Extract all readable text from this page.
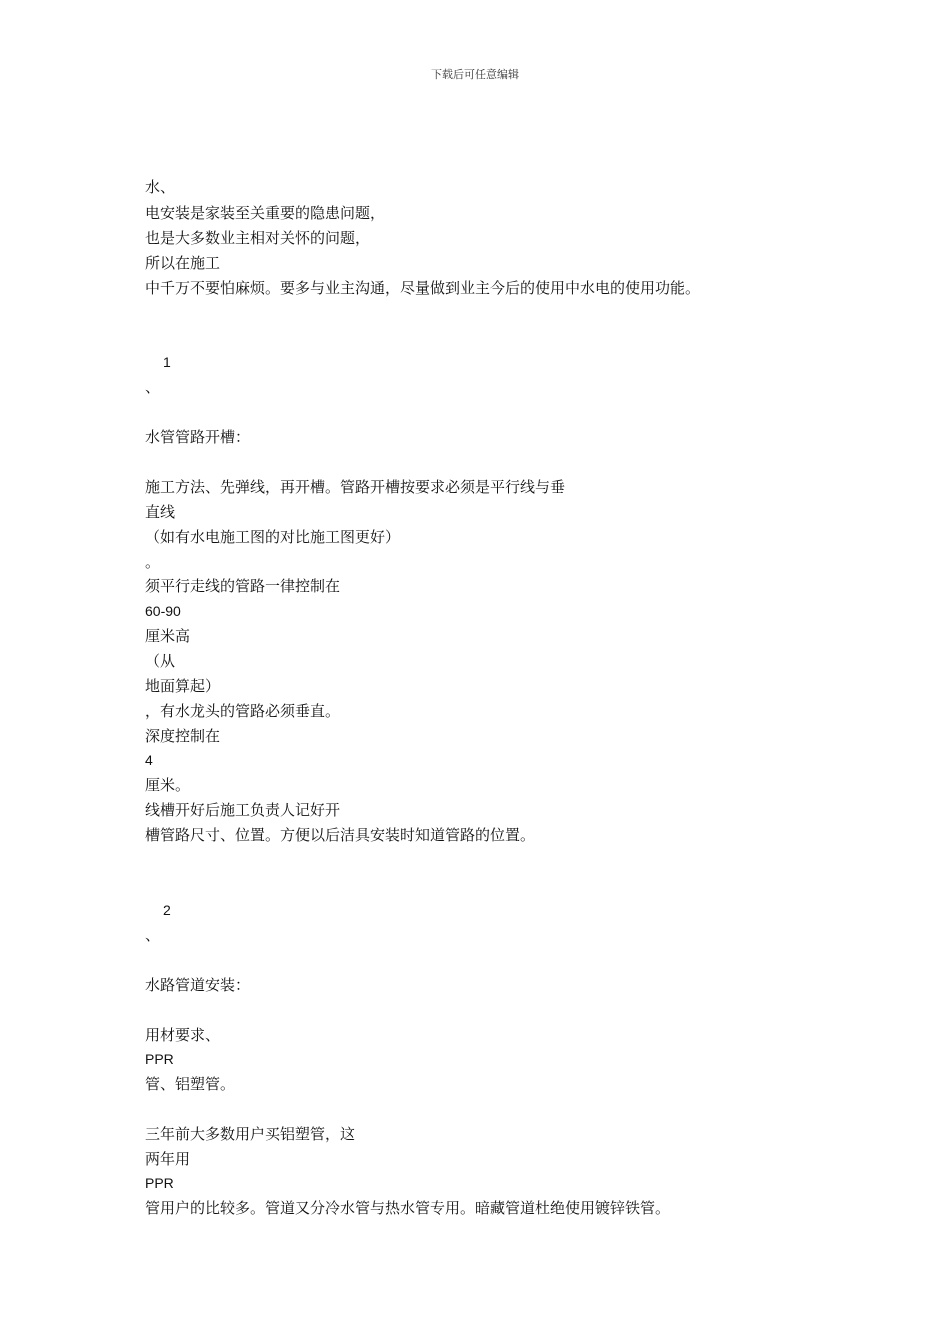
下载后可任意编辑
水、
电安装是家装至关重要的隐患问题，
也是大多数业主相对关怀的问题，
所以在施工
中千万不要怕麻烦。要多与业主沟通，尽量做到业主今后的使用中水电的使用功能。
1
、
水管管路开槽：
施工方法、先弹线，再开槽。管路开槽按要求必须是平行线与垂
直线
（如有水电施工图的对比施工图更好）
。
须平行走线的管路一律控制在
60-90
厘米高
（从
地面算起）
，有水龙头的管路必须垂直。
深度控制在
4
厘米。
线槽开好后施工负责人记好开
槽管路尺寸、位置。方便以后洁具安装时知道管路的位置。
2
、
水路管道安装：
用材要求、
PPR
管、铝塑管。
三年前大多数用户买铝塑管，这
两年用
PPR
管用户的比较多。管道又分冷水管与热水管专用。暗藏管道杜绝使用镀锌铁管。
